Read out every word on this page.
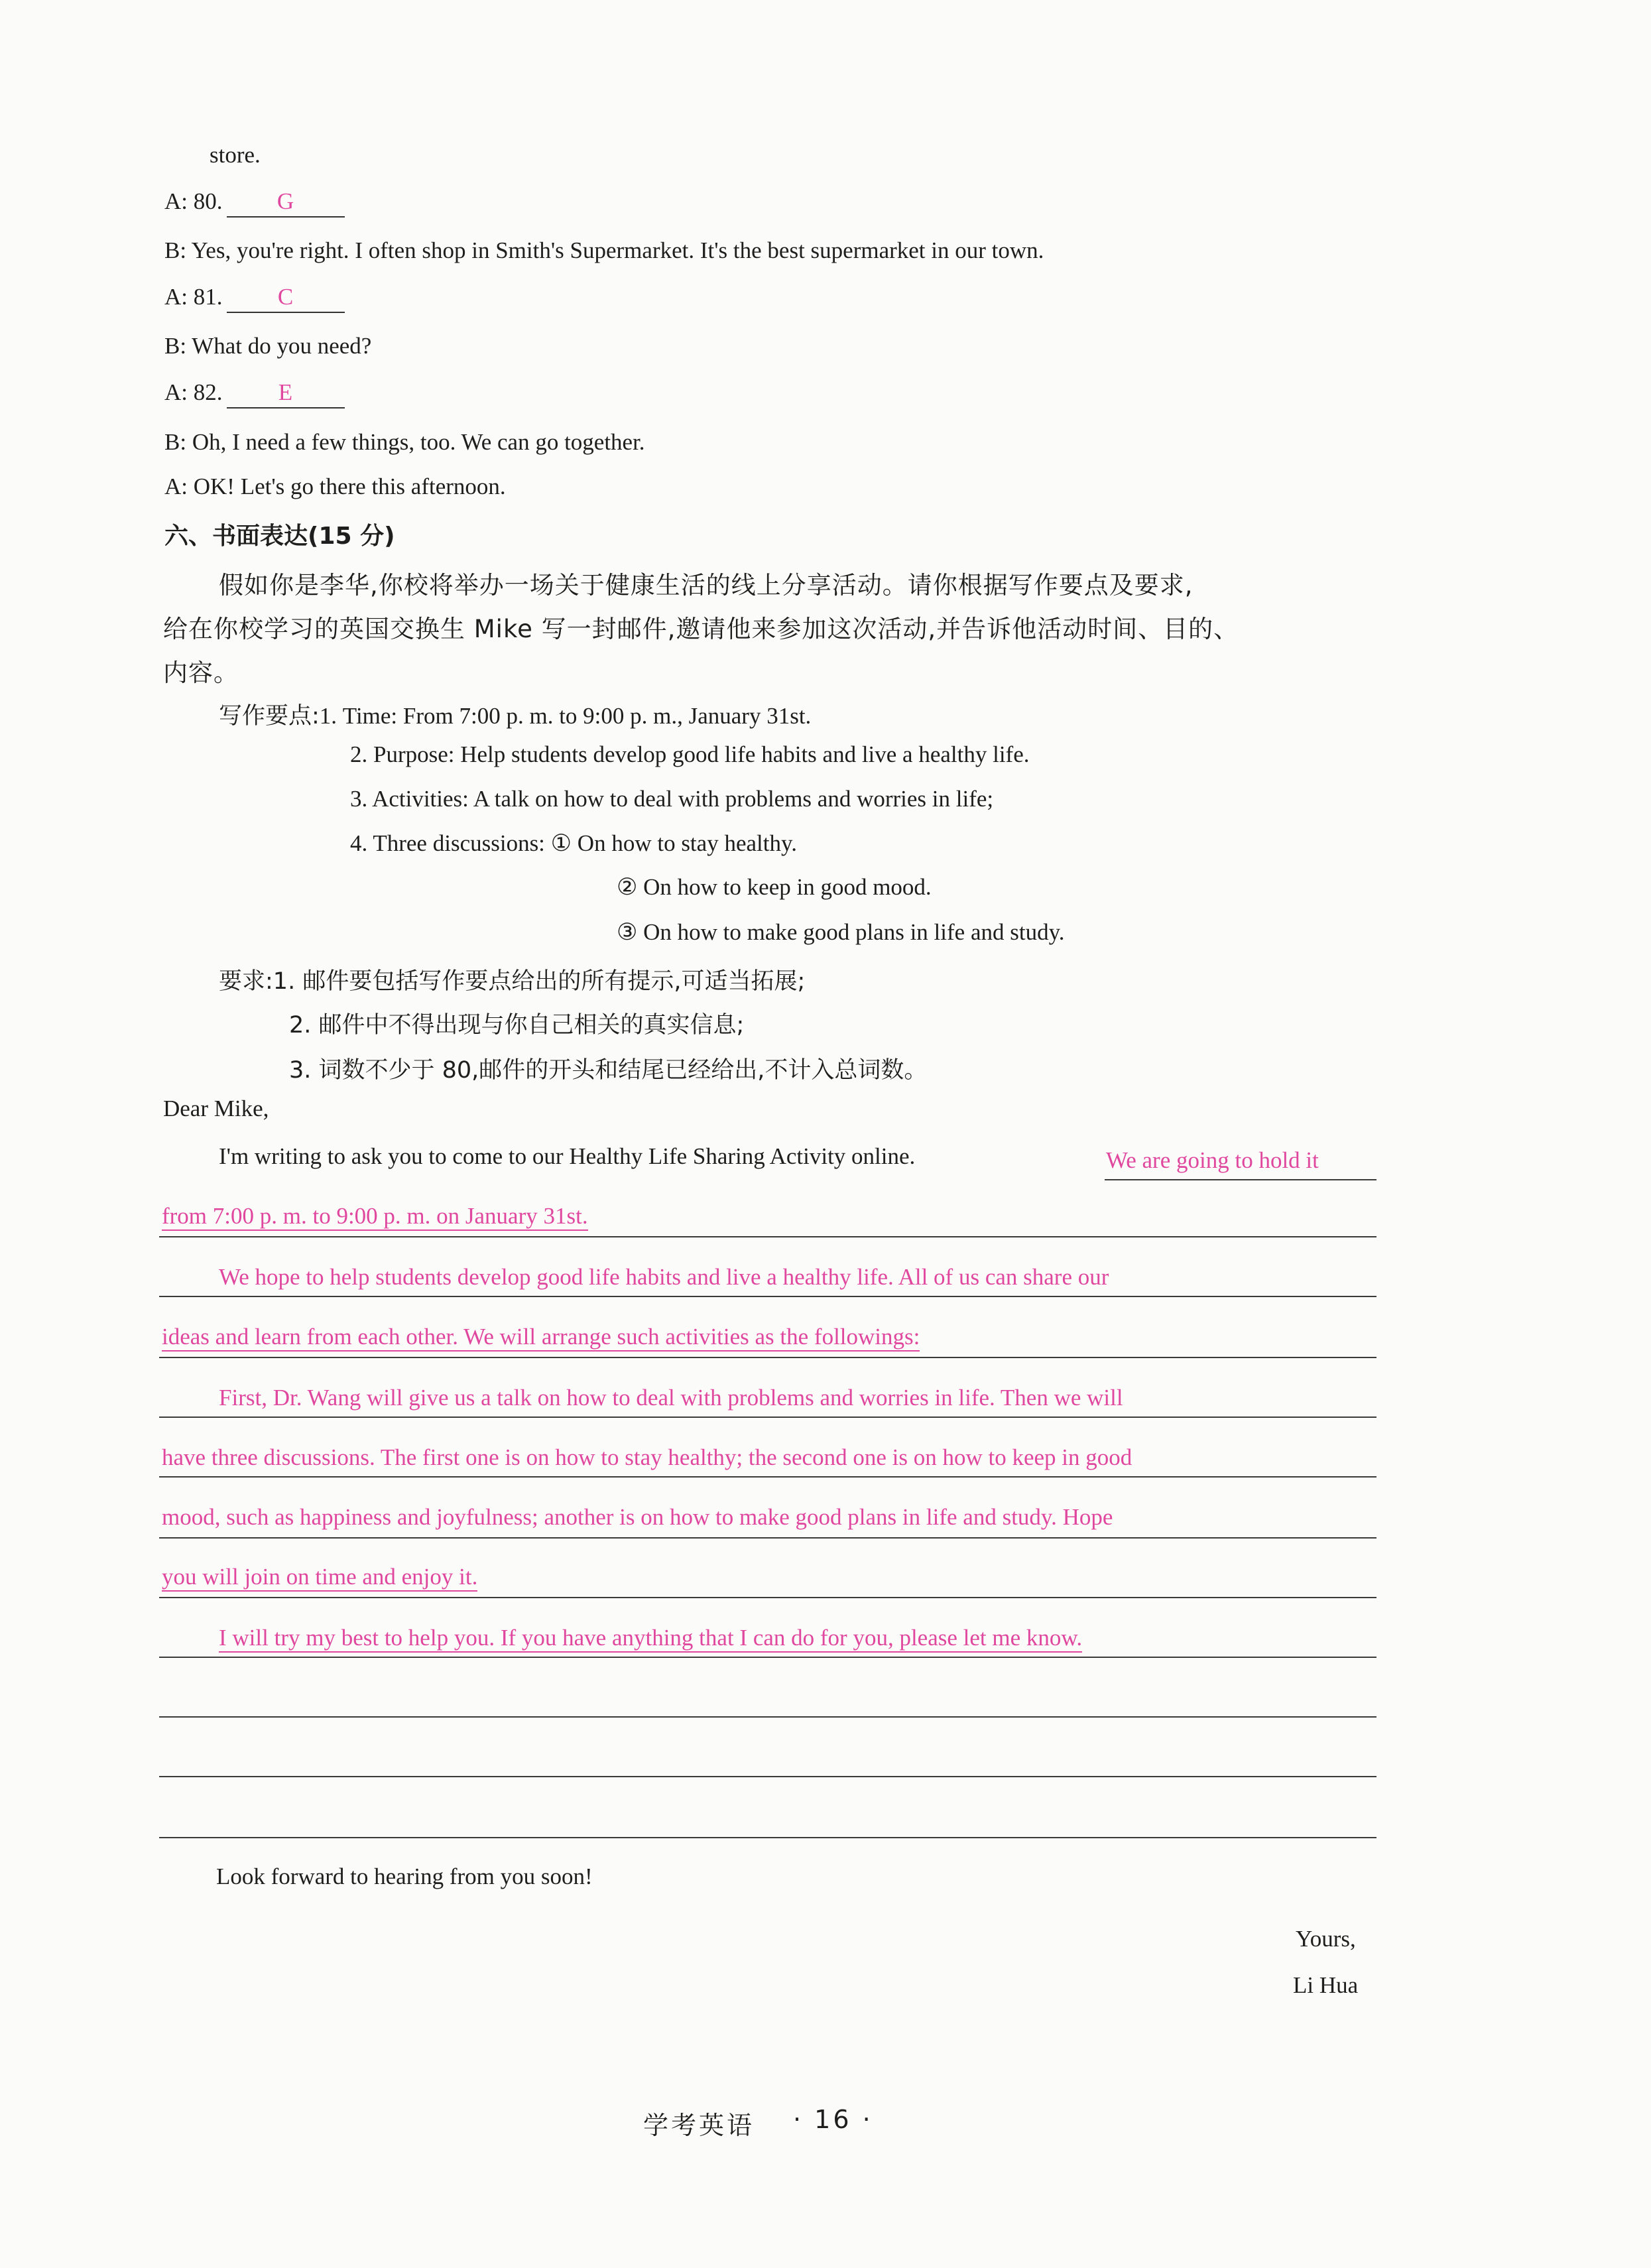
store.
A: 80. G
B: Yes, you're right. I often shop in Smith's Supermarket. It's the best supermarket in our town.
A: 81. C
B: What do you need?
A: 82. E
B: Oh, I need a few things, too. We can go together.
A: OK! Let's go there this afternoon.
六、书面表达(15 分)
假如你是李华,你校将举办一场关于健康生活的线上分享活动。请你根据写作要点及要求,
给在你校学习的英国交换生 Mike 写一封邮件,邀请他来参加这次活动,并告诉他活动时间、目的、
内容。
写作要点:1. Time: From 7:00 p. m. to 9:00 p. m., January 31st.
2. Purpose: Help students develop good life habits and live a healthy life.
3. Activities: A talk on how to deal with problems and worries in life;
4. Three discussions: ① On how to stay healthy.
② On how to keep in good mood.
③ On how to make good plans in life and study.
要求:1. 邮件要包括写作要点给出的所有提示,可适当拓展;
2. 邮件中不得出现与你自己相关的真实信息;
3. 词数不少于 80,邮件的开头和结尾已经给出,不计入总词数。
Dear Mike,
I'm writing to ask you to come to our Healthy Life Sharing Activity online.	We are going to hold it
from 7:00 p. m. to 9:00 p. m. on January 31st.
We hope to help students develop good life habits and live a healthy life. All of us can share our
ideas and learn from each other. We will arrange such activities as the followings:
First, Dr. Wang will give us a talk on how to deal with problems and worries in life. Then we will
have three discussions. The first one is on how to stay healthy; the second one is on how to keep in good
mood, such as happiness and joyfulness; another is on how to make good plans in life and study. Hope
you will join on time and enjoy it.
I will try my best to help you. If you have anything that I can do for you, please let me know.
Look forward to hearing from you soon!
Yours,
Li Hua
学考英语 · 16 ·
